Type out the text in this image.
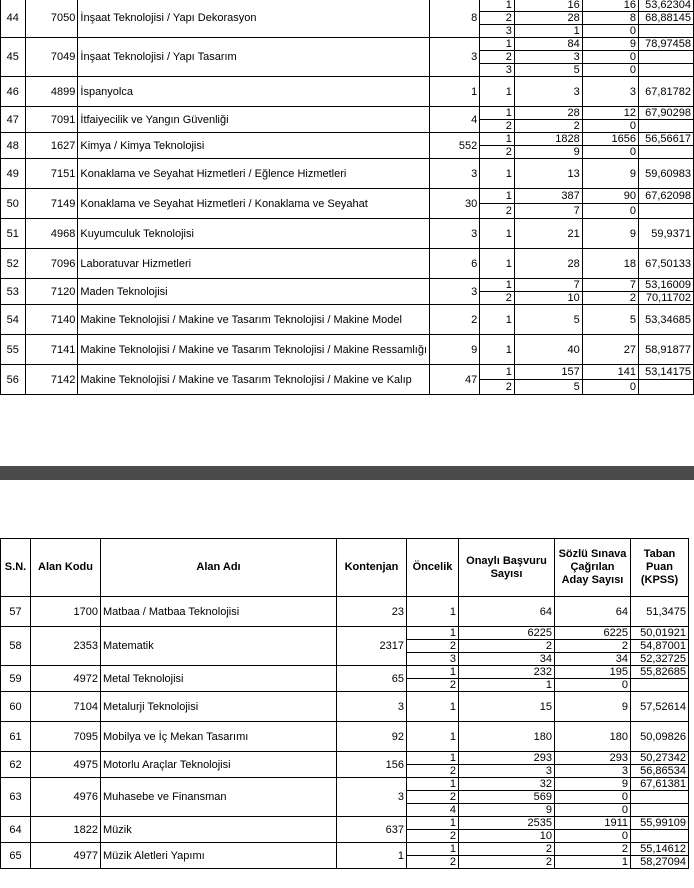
44	7050	İnşaat Teknolojisi / Yapı Dekorasyon	8	1	16	16	53,62304
				2	28	8	68,88145
				3	1	0	
45	7049	İnşaat Teknolojisi / Yapı Tasarım	3	1	84	9	78,97458
				2	3	0	
				3	5	0	
46	4899	İspanyolca	1	1	3	3	67,81782
47	7091	İtfaiyecilik ve Yangın Güvenliği	4	1	28	12	67,90298
				2	2	0	
48	1627	Kimya / Kimya Teknolojisi	552	1	1828	1656	56,56617
				2	9	0	
49	7151	Konaklama ve Seyahat Hizmetleri / Eğlence Hizmetleri	3	1	13	9	59,60983
50	7149	Konaklama ve Seyahat Hizmetleri / Konaklama ve Seyahat	30	1	387	90	67,62098
				2	7	0	
51	4968	Kuyumculuk Teknolojisi	3	1	21	9	59,9371
52	7096	Laboratuvar Hizmetleri	6	1	28	18	67,50133
53	7120	Maden Teknolojisi	3	1	7	7	53,16009
				2	10	2	70,11702
54	7140	Makine Teknolojisi / Makine ve Tasarım Teknolojisi / Makine Model	2	1	5	5	53,34685
55	7141	Makine Teknolojisi / Makine ve Tasarım Teknolojisi / Makine Ressamlığı	9	1	40	27	58,91877
56	7142	Makine Teknolojisi / Makine ve Tasarım Teknolojisi / Makine ve Kalıp	47	1	157	141	53,14175
				2	5	0	
S.N.	Alan Kodu	Alan Adı	Kontenjan	Öncelik	Onaylı Başvuru Sayısı	Sözlü Sınava Çağrılan Aday Sayısı	Taban Puan (KPSS)
57	1700	Matbaa / Matbaa Teknolojisi	23	1	64	64	51,3475
58	2353	Matematik	2317	1	6225	6225	50,01921
				2	2	2	54,87001
				3	34	34	52,32725
59	4972	Metal Teknolojisi	65	1	232	195	55,82685
				2	1	0	
60	7104	Metalurji Teknolojisi	3	1	15	9	57,52614
61	7095	Mobilya ve İç Mekan Tasarımı	92	1	180	180	50,09826
62	4975	Motorlu Araçlar Teknolojisi	156	1	293	293	50,27342
				2	3	3	56,86534
63	4976	Muhasebe ve Finansman	3	1	32	9	67,61381
				2	569	0	
				4	9	0	
64	1822	Müzik	637	1	2535	1911	55,99109
				2	10	0	
65	4977	Müzik Aletleri Yapımı	1	1	2	2	55,14612
				2	2	1	58,27094
